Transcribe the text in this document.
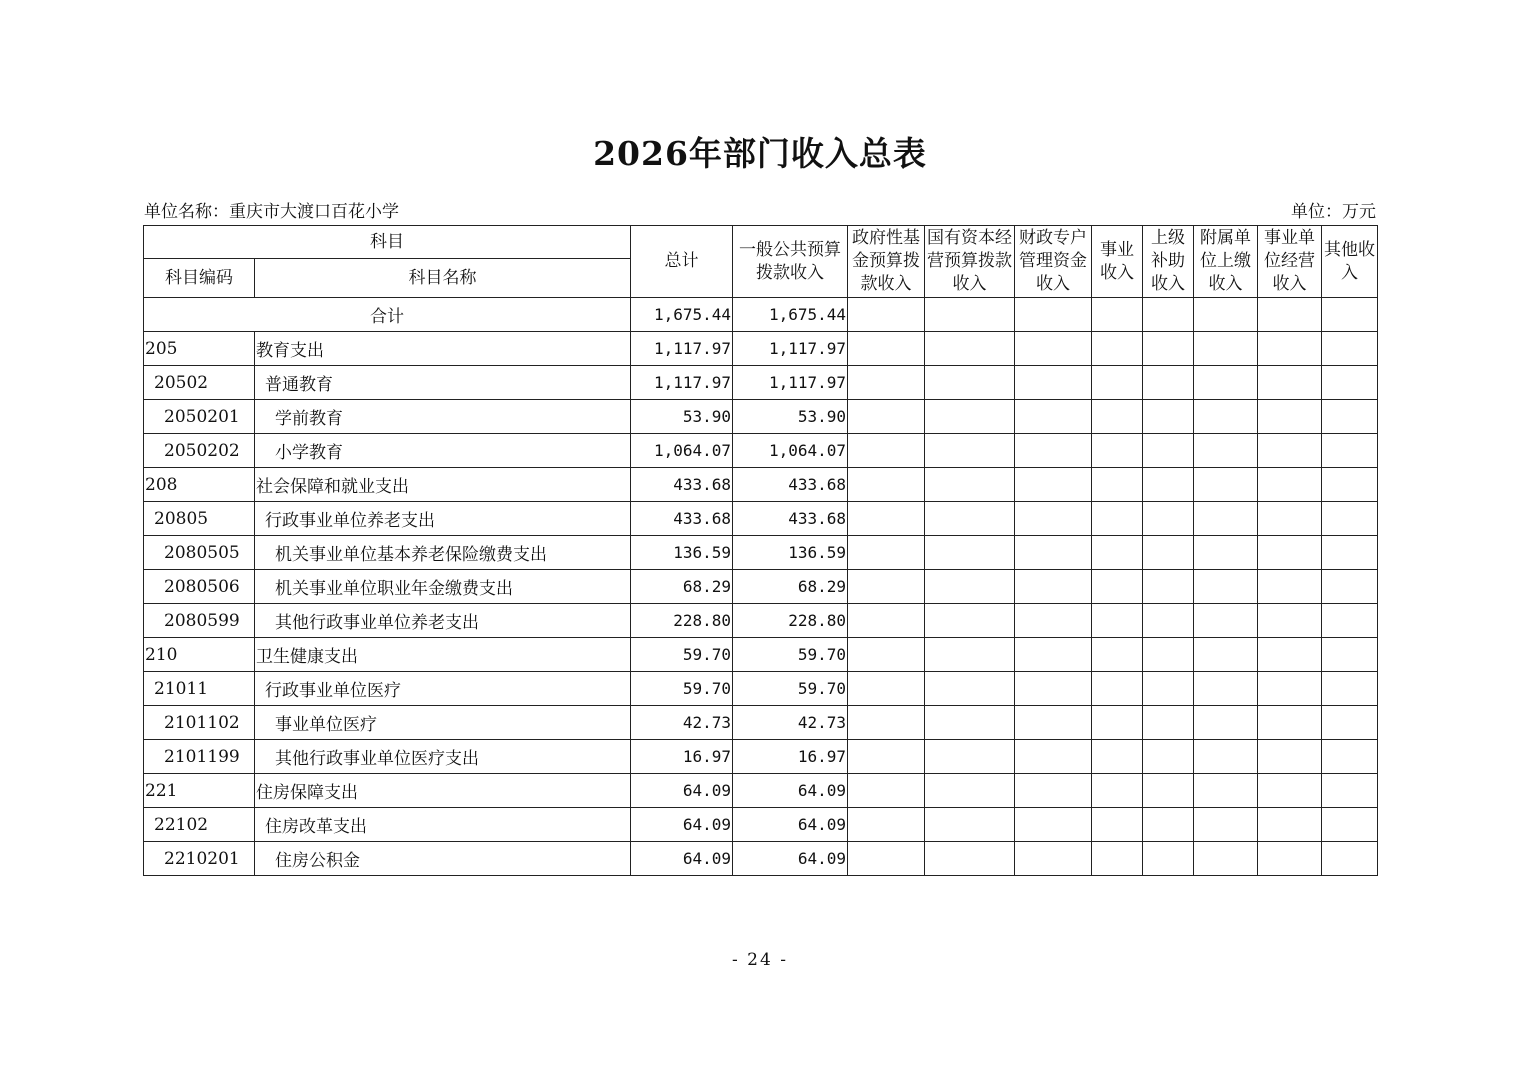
2026年部门收入总表
单位名称：重庆市大渡口百花小学	单位：万元
科目		总计	一般公共预算拨款收入	政府性基金预算拨款收入	国有资本经营预算拨款收入	财政专户管理资金收入	事业收入	上级补助收入	附属单位上缴收入	事业单位经营收入	其他收入
科目编码	科目名称										
合计		1,675.44	1,675.44								
205	教育支出	1,117.97	1,117.97								
20502	普通教育	1,117.97	1,117.97								
2050201	学前教育	53.90	53.90								
2050202	小学教育	1,064.07	1,064.07								
208	社会保障和就业支出	433.68	433.68								
20805	行政事业单位养老支出	433.68	433.68								
2080505	机关事业单位基本养老保险缴费支出	136.59	136.59								
2080506	机关事业单位职业年金缴费支出	68.29	68.29								
2080599	其他行政事业单位养老支出	228.80	228.80								
210	卫生健康支出	59.70	59.70								
21011	行政事业单位医疗	59.70	59.70								
2101102	事业单位医疗	42.73	42.73								
2101199	其他行政事业单位医疗支出	16.97	16.97								
221	住房保障支出	64.09	64.09								
22102	住房改革支出	64.09	64.09								
2210201	住房公积金	64.09	64.09								
- 24 -
